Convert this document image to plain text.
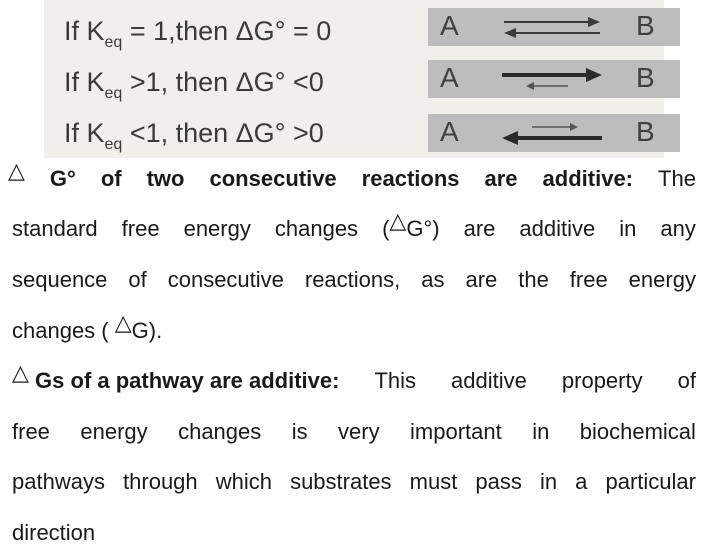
If $K_{eq}$ = 1,then ΔG° = 0
If $K_{eq} >1$, then ΔG° <0
If $K_{eq} <1$, then ΔG° >0
A	B
A	B
A	B
△ G° of two consecutive reactions are additive: The
standard free energy changes (△G°) are additive in any
sequence of consecutive reactions, as are the free energy
changes ( △G).
△ Gs of a pathway are additive: This additive property of
free energy changes is very important in biochemical
pathways through which substrates must pass in a particular
direction
